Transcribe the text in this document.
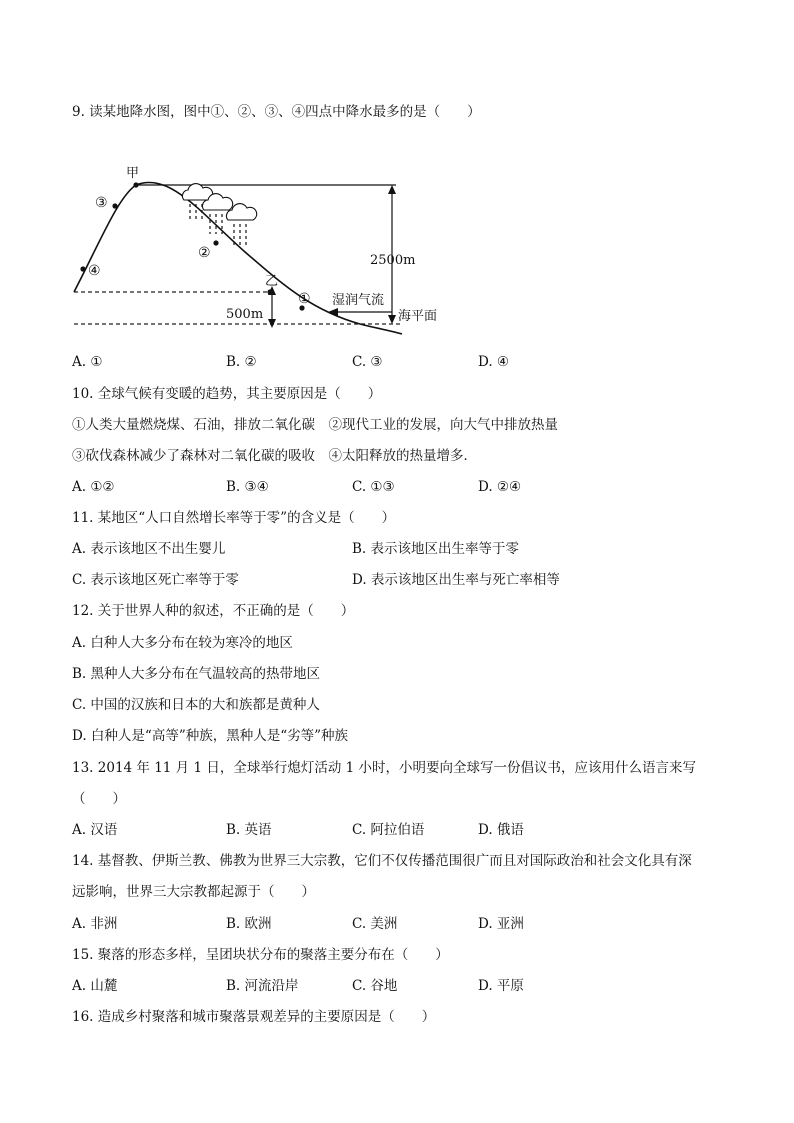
9. 读某地降水图，图中①、②、③、④四点中降水最多的是（　　）
甲
乙
①
②
③
④
2500m
500m
湿润气流
海平面
A. ①	B. ②	C. ③	D. ④
10. 全球气候有变暖的趋势，其主要原因是（　　）
①人类大量燃烧煤、石油，排放二氧化碳　②现代工业的发展，向大气中排放热量
③砍伐森林减少了森林对二氧化碳的吸收　④太阳释放的热量增多．
A. ①②	B. ③④	C. ①③	D. ②④
11. 某地区“人口自然增长率等于零”的含义是（　　）
A. 表示该地区不出生婴儿	B. 表示该地区出生率等于零
C. 表示该地区死亡率等于零	D. 表示该地区出生率与死亡率相等
12. 关于世界人种的叙述，不正确的是（　　）
A. 白种人大多分布在较为寒冷的地区
B. 黑种人大多分布在气温较高的热带地区
C. 中国的汉族和日本的大和族都是黄种人
D. 白种人是“高等”种族，黑种人是“劣等”种族
13. 2014 年 11 月 1 日，全球举行熄灯活动 1 小时，小明要向全球写一份倡议书，应该用什么语言来写
（　　）
A. 汉语	B. 英语	C. 阿拉伯语	D. 俄语
14. 基督教、伊斯兰教、佛教为世界三大宗教，它们不仅传播范围很广而且对国际政治和社会文化具有深
远影响，世界三大宗教都起源于（　　）
A. 非洲	B. 欧洲	C. 美洲	D. 亚洲
15. 聚落的形态多样，呈团块状分布的聚落主要分布在（　　）
A. 山麓	B. 河流沿岸	C. 谷地	D. 平原
16. 造成乡村聚落和城市聚落景观差异的主要原因是（　　）
